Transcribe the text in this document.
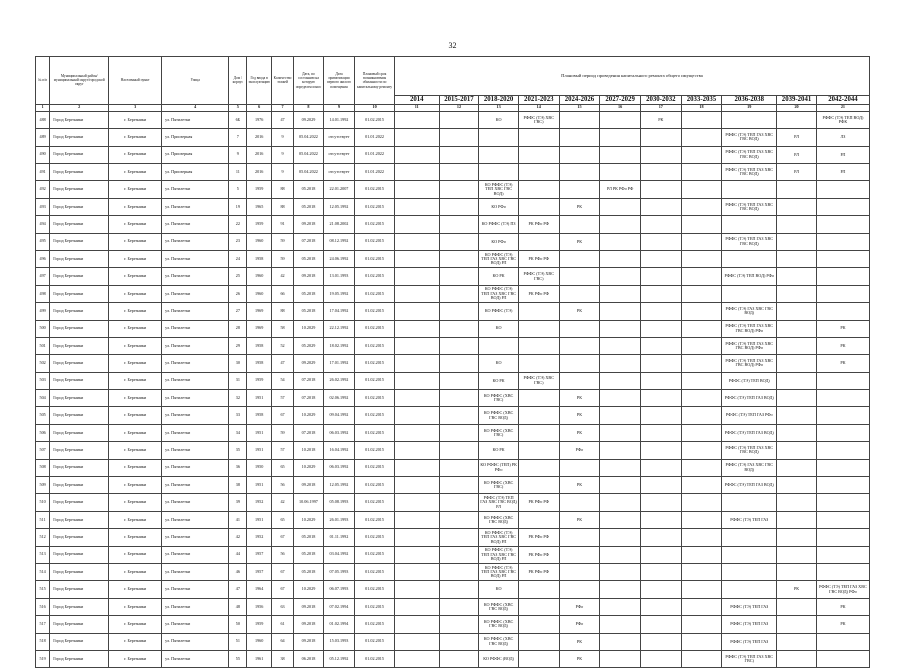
32
№ п/п	Муниципальный район/муниципальный округ/городской округ	Населенный пункт	Улица	Дом / корпус	Год ввода в эксплуатацию	Количество этажей	Дата, по состоянию на которую определен износ	Дата приватизации первого жилого помещения	Плановый срок возникновения обязанности по капитальному ремонту	Плановый период проведения капитального ремонта общего имущества										
										2014	2015-2017	2018-2020	2021-2023	2024-2026	2027-2029	2030-2032	2033-2035	2036-2038	2039-2041	2042-2044
1	2	3	4	5	6	7	8	9	10	11	12	13	14	15	16	17	18	19	20	21
488	Город Березники	г. Березники	ул. Пятилетки	6Б	1976	47	09.2029	14.01.1992	01.02.2015			КО	РФФС (ТЭ) ХВС ГВС)			РК				РФФС (ТЭ) ТЕП ВОД) РФК
489	Город Березники	г. Березники	ул. Приозерная	7	2016	9	05.04.2022	отсутствует	01.01.2022									РФФС (ТЭ) ТЕП ГАЗ ХВС ГВС ВОД)	РЛ	ЛЗ
490	Город Березники	г. Березники	ул. Приозерная	9	2016	9	05.04.2022	отсутствует	01.01.2022									РФФС (ТЭ) ТЕП ГАЗ ХВС ГВС ВОД)	РЛ	РЛ
491	Город Березники	г. Березники	ул. Приозерная	11	2016	9	05.04.2022	отсутствует	01.01.2022									РФФС (ТЭ) ТЕП ГАЗ ХВС ГВС ВОД)	РЛ	РЛ
492	Город Березники	г. Березники	ул. Пятилетки	5	1959	88	05.2018	22.01.2007	01.02.2015			КО РФФС (ТЭ) ТЕП ХВС ГВС ВОД)			РЛ РК РФо РФ					
493	Город Березники	г. Березники	ул. Пятилетки	19	1965	88	05.2018	12.05.1992	01.02.2015			КО РФо		РК				РФФС (ТЭ) ТЕП ГАЗ ХВС ГВС ВОД)		
494	Город Березники	г. Березники	ул. Пятилетки	22	1959	91	09.2018	21.08.2002	01.02.2015			КО РФФС (ТЭ) ПЗ	РК РФо РФ							
495	Город Березники	г. Березники	ул. Пятилетки	23	1960	59	07.2018	08.12.1992	01.02.2015			КО РФо		РК				РФФС (ТЭ) ТЕП ГАЗ ХВС ГВС ВОД)		
496	Город Березники	г. Березники	ул. Пятилетки	24	1958	59	05.2018	24.06.1992	01.02.2015			КО РФФС (ТЭ) ТЕП ГАЗ ХВС ГВС ВОД) РЛ	РК РФо РФ							
497	Город Березники	г. Березники	ул. Пятилетки	25	1960	42	09.2018	13.01.1993	01.02.2015			КО РК	РФФС (ТЭ) ХВС ГВС)					РФФС (ТЭ) ТЕП ВОД) РФо		
498	Город Березники	г. Березники	ул. Пятилетки	26	1960	66	05.2018	19.05.1992	01.02.2015			КО РФФС (ТЭ) ТЕП ГАЗ ХВС ГВС ВОД) РЛ	РК РФо РФ							
499	Город Березники	г. Березники	ул. Пятилетки	27	1969	88	05.2018	17.04.1992	01.02.2015			КО РФФС (ТЭ)		РК				РФФС (ТЭ) ГАЗ ХВС ГВС ВОД)		
500	Город Березники	г. Березники	ул. Пятилетки	28	1969	58	10.2029	22.12.1992	01.02.2015			КО						РФФС (ТЭ) ТЕП ГАЗ ХВС ГВС ВОД) РФо		РК
501	Город Березники	г. Березники	ул. Пятилетки	29	1958	52	05.2029	18.02.1992	01.02.2015									РФФС (ТЭ) ТЕП ГАЗ ХВС ГВС ВОД) РФо		РК
502	Город Березники	г. Березники	ул. Пятилетки	30	1958	47	09.2029	17.01.1992	01.02.2015			КО						РФФС (ТЭ) ТЕП ГАЗ ХВС ГВС ВОД) РФо		РК
503	Город Березники	г. Березники	ул. Пятилетки	31	1959	54	07.2018	26.02.1992	01.02.2015			КО РК	РФФС (ТЭ) ХВС ГВС)					РФФС (ТЭ) ТЕП ВОД)		
504	Город Березники	г. Березники	ул. Пятилетки	32	1951	57	07.2018	02.06.1992	01.02.2015			КО РФФС (ХВС ГВС)		РК				РФФС (ТЭ) ТЕП ГАЗ ВОД)		
505	Город Березники	г. Березники	ул. Пятилетки	33	1958	67	10.2029	09.04.1992	01.02.2015			КО РФФС (ХВС ГВС ВОД)		РК				РФФС (ТЭ) ТЕП ГАЗ РФо		
506	Город Березники	г. Березники	ул. Пятилетки	34	1951	59	07.2018	06.03.1992	01.02.2015			КО РФФС (ХВС ГВС)		РК				РФФС (ТЭ) ТЕП ГАЗ ВОД)		
507	Город Березники	г. Березники	ул. Пятилетки	35	1951	57	10.2018	16.04.1992	01.02.2015			КО РК		РФо				РФФС (ТЭ) ТЕП ГАЗ ХВС ГВС ВОД)		
508	Город Березники	г. Березники	ул. Пятилетки	36	1950	65	10.2029	06.03.1992	01.02.2015			КО РФФС (ТЕП) РК РФо						РФФС (ТЭ) ГАЗ ХВС ГВС ВОД)		
509	Город Березники	г. Березники	ул. Пятилетки	38	1951	56	09.2018	12.05.1992	01.02.2015			КО РФФС (ХВС ГВС)		РК				РФФС (ТЭ) ТЕП ГАЗ ВОД)		
510	Город Березники	г. Березники	ул. Пятилетки	39	1952	42	10.06.1997	05.08.1993	01.02.2015			РФФС (ТЭ) ТЕП ГАЗ ХВС ГВС ВОД) РЛ	РК РФо РФ							
511	Город Березники	г. Березники	ул. Пятилетки	41	1951	65	10.2029	26.01.1993	01.02.2015			КО РФФС (ХВС ГВС ВОД)		РК				РФФС (ТЭ) ТЕП ГАЗ		
512	Город Березники	г. Березники	ул. Пятилетки	42	1952	67	05.2018	01.11.1992	01.02.2015			КО РФФС (ТЭ) ТЕП ГАЗ ХВС ГВС ВОД) РЛ	РК РФо РФ							
513	Город Березники	г. Березники	ул. Пятилетки	44	1957	56	05.2018	03.04.1992	01.02.2015			КО РФФС (ТЭ) ТЕП ГАЗ ХВС ГВС ВОД) РЛ	РК РФо РФ							
514	Город Березники	г. Березники	ул. Пятилетки	46	1957	67	05.2018	07.05.1993	01.02.2015			КО РФФС (ТЭ) ТЕП ГАЗ ХВС ГВС ВОД) РЛ	РК РФо РФ							
515	Город Березники	г. Березники	ул. Пятилетки	47	1964	67	10.2029	06.07.1993	01.02.2015			КО							РК	РФФС (ТЭ) ТЕП ГАЗ ХВС ГВС ВОД) РФо
516	Город Березники	г. Березники	ул. Пятилетки	48	1956	63	09.2018	07.02.1994	01.02.2015			КО РФФС (ХВС ГВС ВОД)		РФо				РФФС (ТЭ) ТЕП ГАЗ		РК
517	Город Березники	г. Березники	ул. Пятилетки	50	1959	61	09.2018	01.02.1994	01.02.2015			КО РФФС (ХВС ГВС ВОД)		РФо				РФФС (ТЭ) ТЕП ГАЗ		РК
518	Город Березники	г. Березники	ул. Пятилетки	51	1960	64	09.2018	15.03.1993	01.02.2015			КО РФФС (ХВС ГВС ВОД)		РК				РФФС (ТЭ) ТЕП ГАЗ		
519	Город Березники	г. Березники	ул. Пятилетки	55	1961	38	06.2018	05.12.1992	01.02.2015			КО РФФС (ВОД)		РК				РФФС (ТЭ) ТЕП ГАЗ ХВС ГВС)		
